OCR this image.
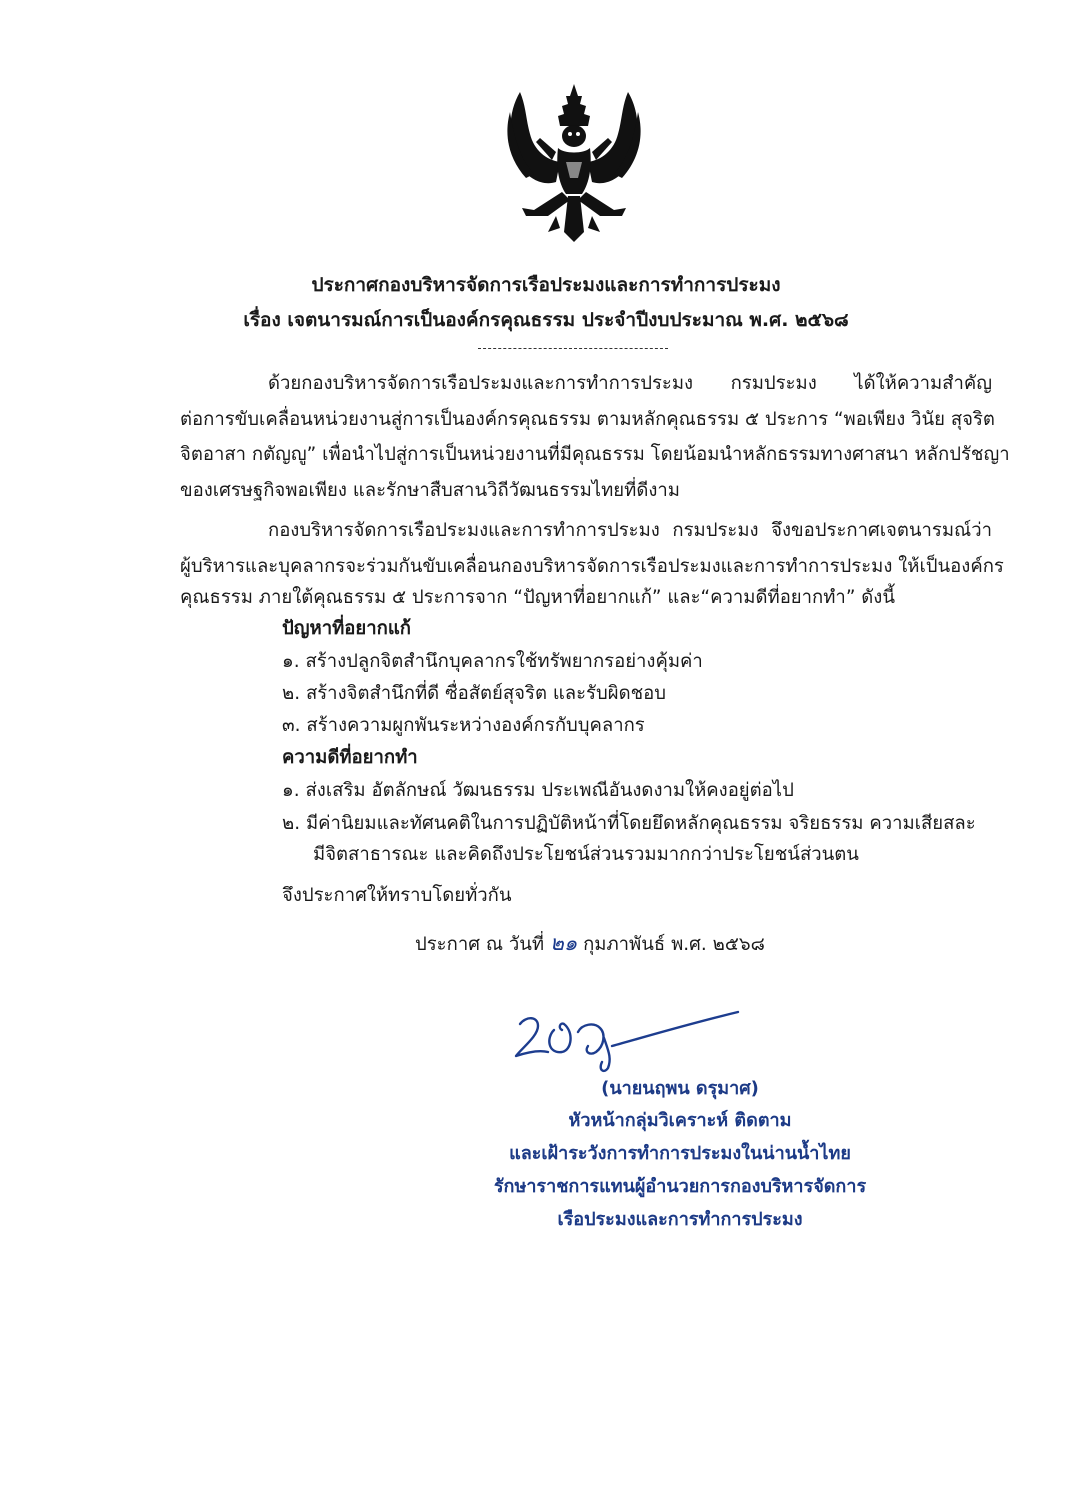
ประกาศกองบริหารจัดการเรือประมงและการทำการประมง
เรื่อง เจตนารมณ์การเป็นองค์กรคุณธรรม ประจำปีงบประมาณ พ.ศ. ๒๕๖๘
ด้วยกองบริหารจัดการเรือประมงและการทำการประมง กรมประมง ได้ให้ความสำคัญ
ต่อการขับเคลื่อนหน่วยงานสู่การเป็นองค์กรคุณธรรม ตามหลักคุณธรรม ๕ ประการ “พอเพียง วินัย สุจริต
จิตอาสา กตัญญู” เพื่อนำไปสู่การเป็นหน่วยงานที่มีคุณธรรม โดยน้อมนำหลักธรรมทางศาสนา หลักปรัชญา
ของเศรษฐกิจพอเพียง และรักษาสืบสานวิถีวัฒนธรรมไทยที่ดีงาม
กองบริหารจัดการเรือประมงและการทำการประมง กรมประมง จึงขอประกาศเจตนารมณ์ว่า
ผู้บริหารและบุคลากรจะร่วมกันขับเคลื่อนกองบริหารจัดการเรือประมงและการทำการประมง ให้เป็นองค์กร
คุณธรรม ภายใต้คุณธรรม ๕ ประการจาก “ปัญหาที่อยากแก้” และ“ความดีที่อยากทำ” ดังนี้
ปัญหาที่อยากแก้
๑. สร้างปลูกจิตสำนึกบุคลากรใช้ทรัพยากรอย่างคุ้มค่า
๒. สร้างจิตสำนึกที่ดี ซื่อสัตย์สุจริต และรับผิดชอบ
๓. สร้างความผูกพันระหว่างองค์กรกับบุคลากร
ความดีที่อยากทำ
๑. ส่งเสริม อัตลักษณ์ วัฒนธรรม ประเพณีอันงดงามให้คงอยู่ต่อไป
๒. มีค่านิยมและทัศนคติในการปฏิบัติหน้าที่โดยยึดหลักคุณธรรม จริยธรรม ความเสียสละ
มีจิตสาธารณะ และคิดถึงประโยชน์ส่วนรวมมากกว่าประโยชน์ส่วนตน
จึงประกาศให้ทราบโดยทั่วกัน
ประกาศ ณ วันที่ ๒๑ กุมภาพันธ์ พ.ศ. ๒๕๖๘
(นายนฤพน ดรุมาศ)
หัวหน้ากลุ่มวิเคราะห์ ติดตาม
และเฝ้าระวังการทำการประมงในน่านน้ำไทย
รักษาราชการแทนผู้อำนวยการกองบริหารจัดการ
เรือประมงและการทำการประมง
